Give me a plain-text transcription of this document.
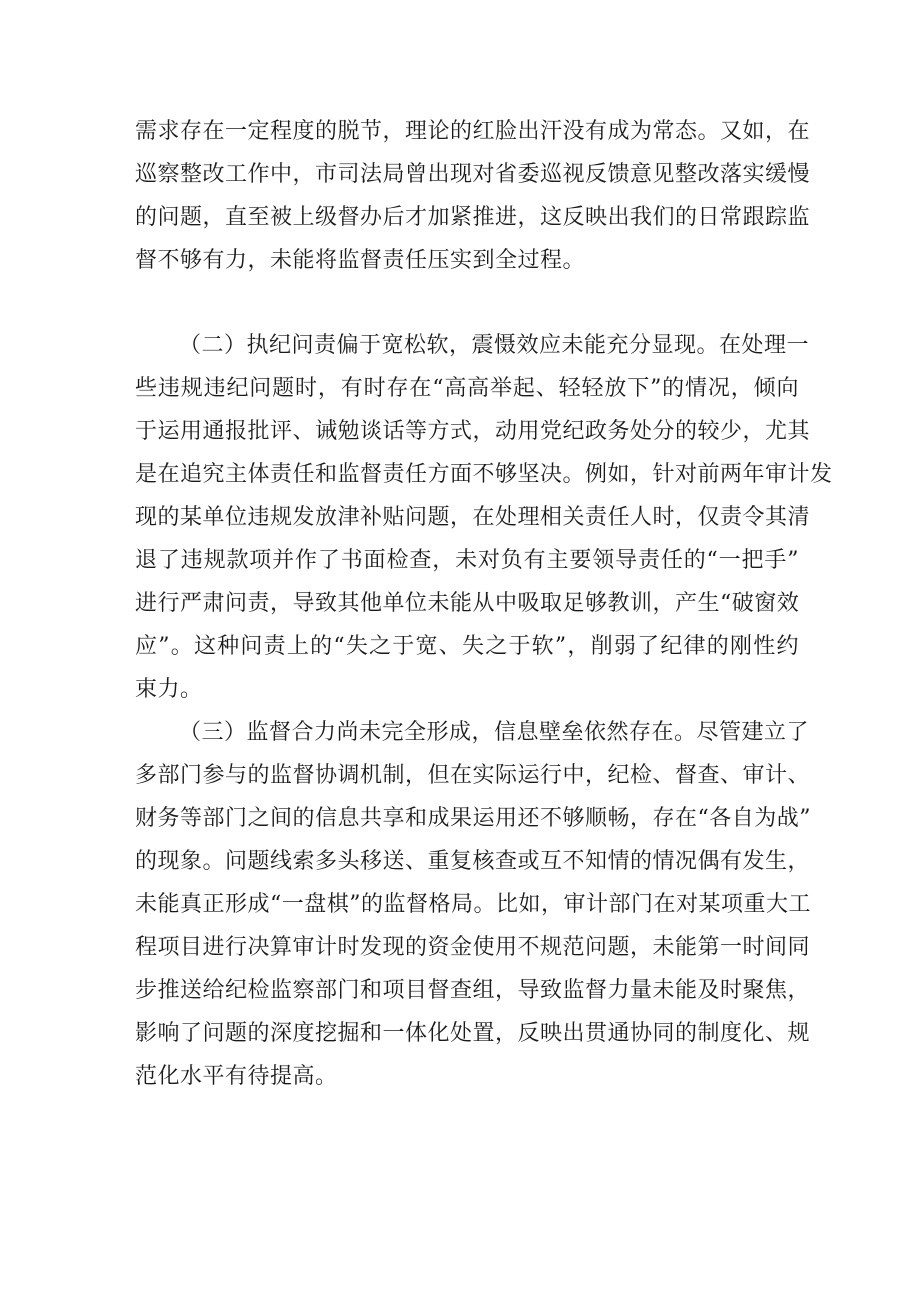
需求存在一定程度的脱节，理论的红脸出汗没有成为常态。又如，在
巡察整改工作中，市司法局曾出现对省委巡视反馈意见整改落实缓慢
的问题，直至被上级督办后才加紧推进，这反映出我们的日常跟踪监
督不够有力，未能将监督责任压实到全过程。
（二）执纪问责偏于宽松软，震慑效应未能充分显现。在处理一
些违规违纪问题时，有时存在“高高举起、轻轻放下”的情况，倾向
于运用通报批评、诫勉谈话等方式，动用党纪政务处分的较少，尤其
是在追究主体责任和监督责任方面不够坚决。例如，针对前两年审计发
现的某单位违规发放津补贴问题，在处理相关责任人时，仅责令其清
退了违规款项并作了书面检查，未对负有主要领导责任的“一把手”
进行严肃问责，导致其他单位未能从中吸取足够教训，产生“破窗效
应”。这种问责上的“失之于宽、失之于软”，削弱了纪律的刚性约
束力。
（三）监督合力尚未完全形成，信息壁垒依然存在。尽管建立了
多部门参与的监督协调机制，但在实际运行中，纪检、督查、审计、
财务等部门之间的信息共享和成果运用还不够顺畅，存在“各自为战”
的现象。问题线索多头移送、重复核查或互不知情的情况偶有发生，
未能真正形成“一盘棋”的监督格局。比如，审计部门在对某项重大工
程项目进行决算审计时发现的资金使用不规范问题，未能第一时间同
步推送给纪检监察部门和项目督查组，导致监督力量未能及时聚焦，
影响了问题的深度挖掘和一体化处置，反映出贯通协同的制度化、规
范化水平有待提高。
